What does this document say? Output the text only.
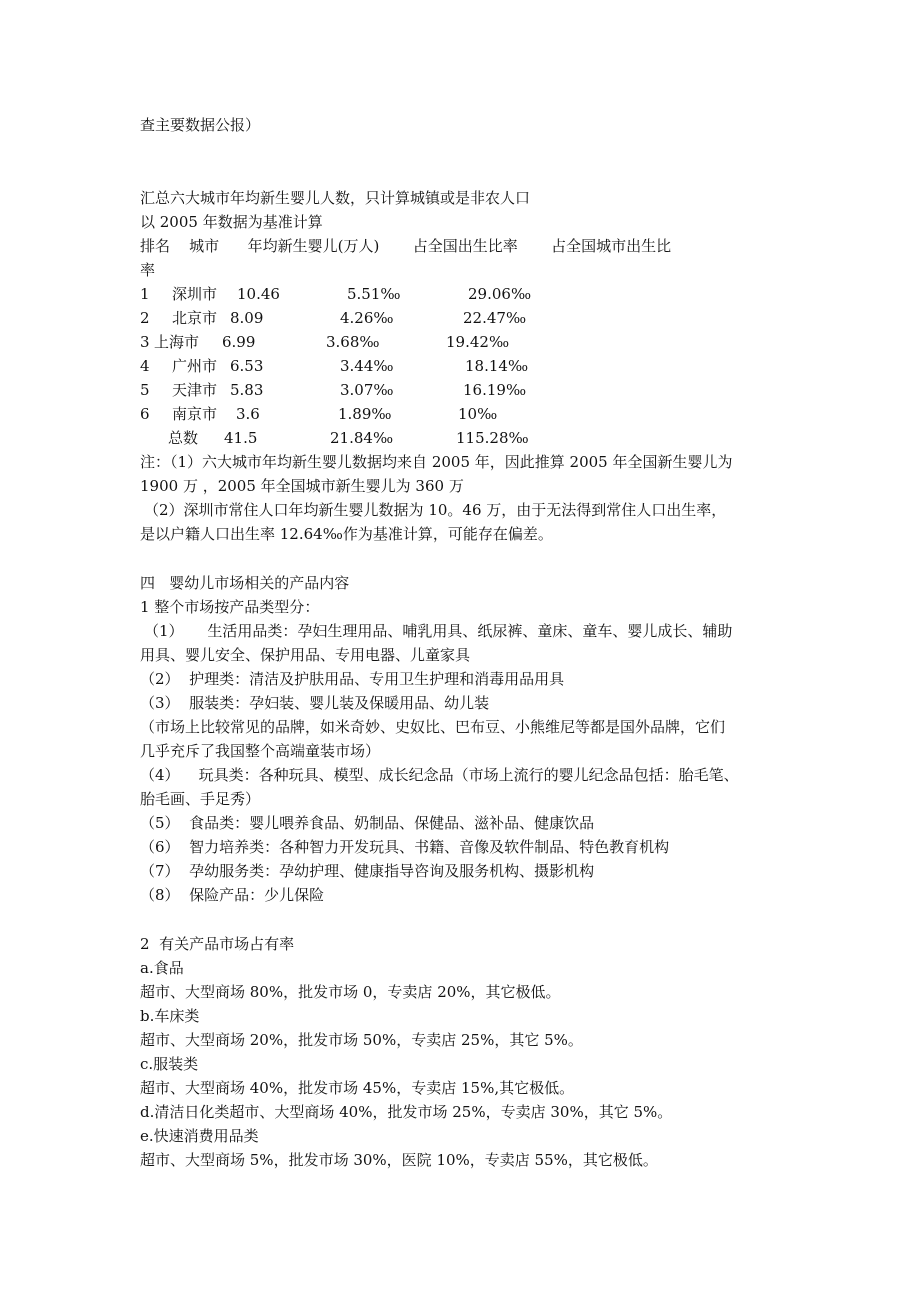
查主要数据公报）
汇总六大城市年均新生婴儿人数，只计算城镇或是非农人口
以 2005 年数据为基准计算
排名    城市      年均新生婴儿(万人)       占全国出生比率       占全国城市出生比
率
1 深圳市 10.46	5.51‰	29.06‰
2 北京市 8.09	4.26‰	22.47‰
3 上海市 6.99	3.68‰	19.42‰
4 广州市 6.53	3.44‰	18.14‰
5 天津市 5.83	3.07‰	16.19‰
6 南京市 3.6	1.89‰	10‰
总数 41.5	21.84‰	115.28‰
注：（1）六大城市年均新生婴儿数据均来自 2005 年，因此推算 2005 年全国新生婴儿为
1900 万 ，2005 年全国城市新生婴儿为 360 万
（2）深圳市常住人口年均新生婴儿数据为 10。46 万，由于无法得到常住人口出生率，
是以户籍人口出生率 12.64‰作为基准计算，可能存在偏差。
四   婴幼儿市场相关的产品内容
1 整个市场按产品类型分：
（1）     生活用品类：孕妇生理用品、哺乳用具、纸尿裤、童床、童车、婴儿成长、辅助
用具、婴儿安全、保护用品、专用电器、儿童家具
（2）  护理类：清洁及护肤用品、专用卫生护理和消毒用品用具
（3）  服装类：孕妇装、婴儿装及保暖用品、幼儿装
（市场上比较常见的品牌，如米奇妙、史奴比、巴布豆、小熊维尼等都是国外品牌，它们
几乎充斥了我国整个高端童装市场）
（4）    玩具类：各种玩具、模型、成长纪念品（市场上流行的婴儿纪念品包括：胎毛笔、
胎毛画、手足秀）
（5）  食品类：婴儿喂养食品、奶制品、保健品、滋补品、健康饮品
（6）  智力培养类：各种智力开发玩具、书籍、音像及软件制品、特色教育机构
（7）  孕幼服务类：孕幼护理、健康指导咨询及服务机构、摄影机构
（8）  保险产品：少儿保险
2  有关产品市场占有率
a.食品
超市、大型商场 80%，批发市场 0，专卖店 20%，其它极低。
b.车床类
超市、大型商场 20%，批发市场 50%，专卖店 25%，其它 5%。
c.服装类
超市、大型商场 40%，批发市场 45%，专卖店 15%,其它极低。
d.清洁日化类超市、大型商场 40%，批发市场 25%，专卖店 30%，其它 5%。
e.快速消费用品类
超市、大型商场 5%，批发市场 30%，医院 10%，专卖店 55%，其它极低。
